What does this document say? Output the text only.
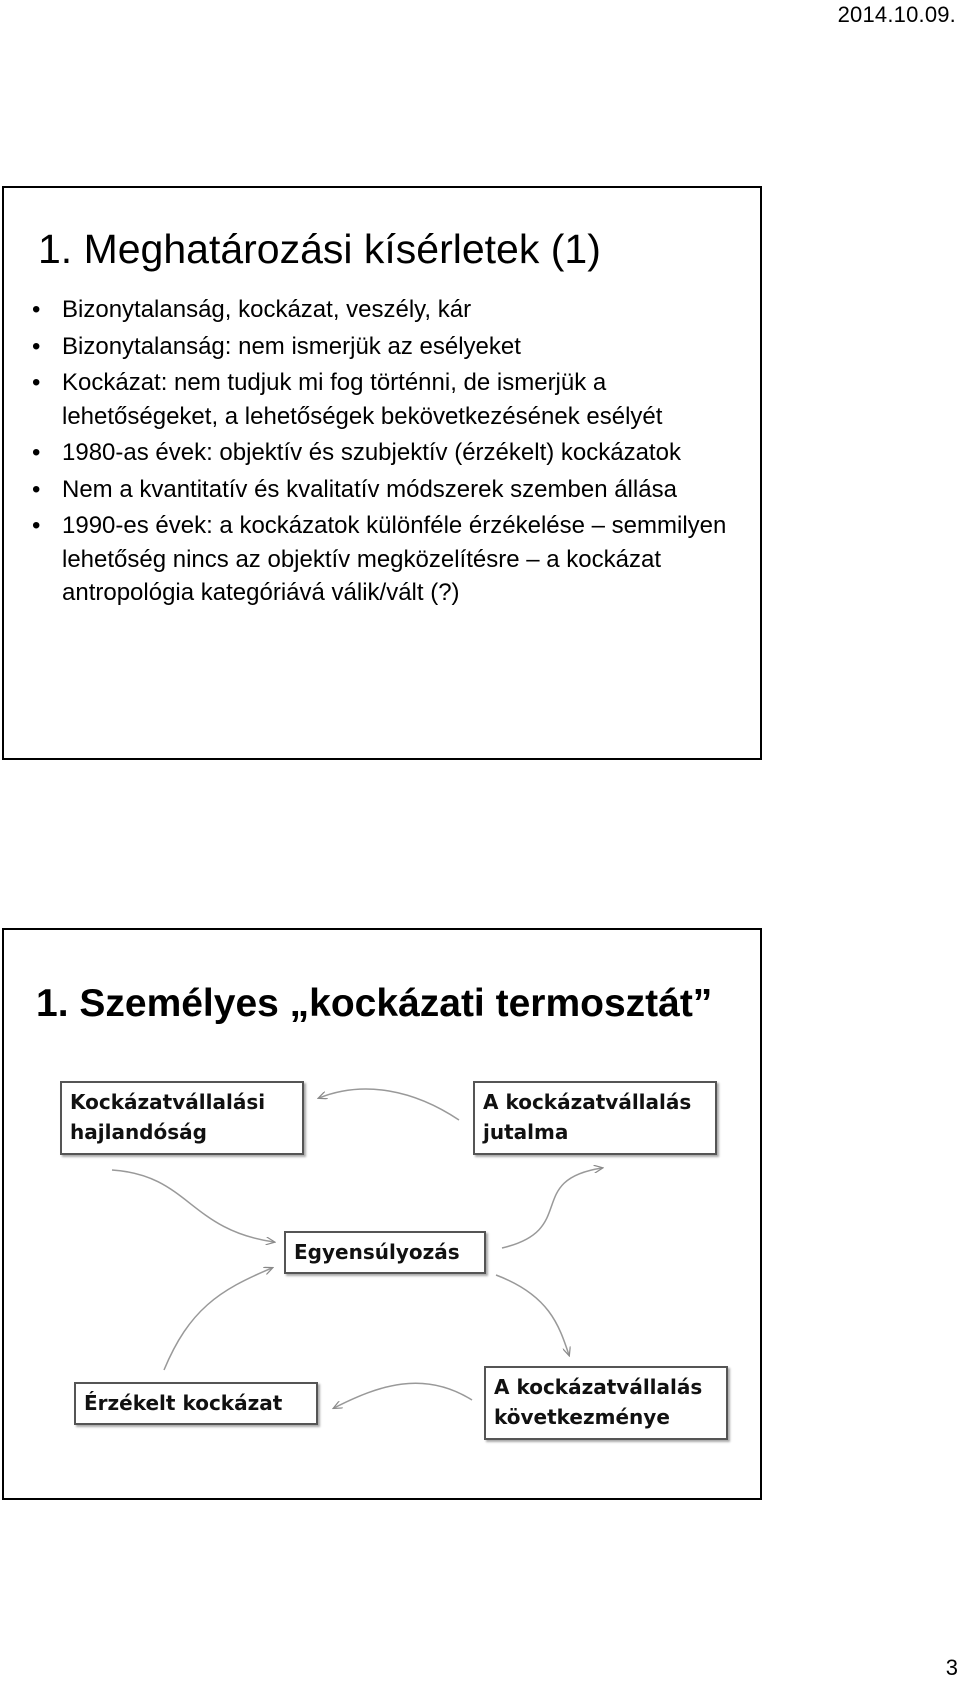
2014.10.09.
1. Meghatározási kísérletek (1)
• Bizonytalanság, kockázat, veszély, kár
• Bizonytalanság: nem ismerjük az esélyeket
• Kockázat: nem tudjuk mi fog történni, de ismerjük a lehetőségeket, a lehetőségek bekövetkezésének esélyét
• 1980-as évek: objektív és szubjektív (érzékelt) kockázatok
• Nem a kvantitatív és kvalitatív módszerek szemben állása
• 1990-es évek: a kockázatok különféle érzékelése – semmilyen lehetőség nincs az objektív megközelítésre – a kockázat antropológia kategóriává válik/vált (?)
1. Személyes „kockázati termosztát”
Kockázatvállalási hajlandóság
A kockázatvállalás jutalma
Egyensúlyozás
Érzékelt kockázat
A kockázatvállalás következménye
3
